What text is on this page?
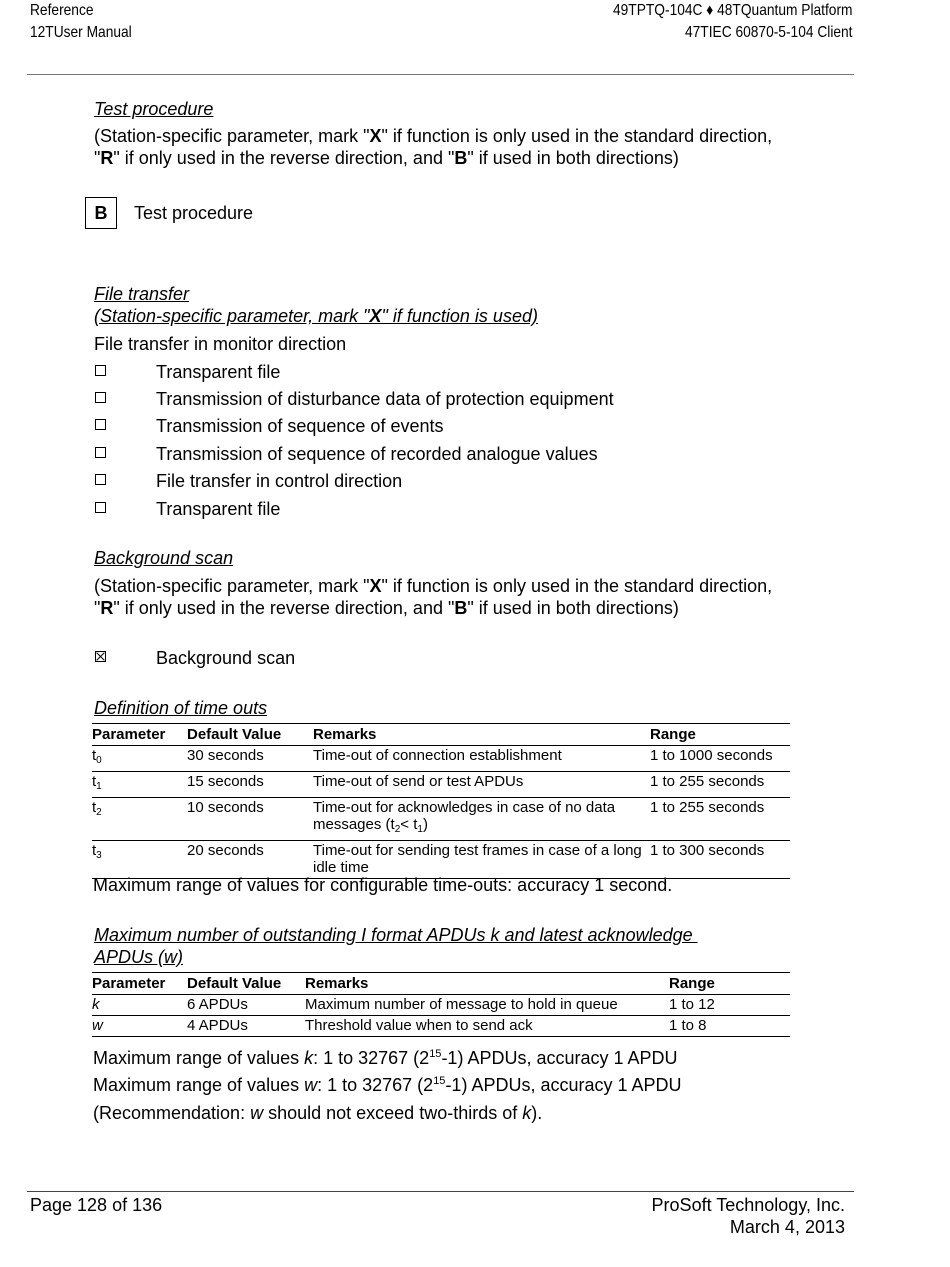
Reference
12TUser Manual
49TPTQ-104C ♦ 48TQuantum Platform
47TIEC 60870-5-104 Client
Test procedure
(Station-specific parameter, mark "X" if function is only used in the standard direction, "R" if only used in the reverse direction, and "B" if used in both directions)
B	Test procedure
File transfer
(Station-specific parameter, mark "X" if function is used)
File transfer in monitor direction
Transparent file
Transmission of disturbance data of protection equipment
Transmission of sequence of events
Transmission of sequence of recorded analogue values
File transfer in control direction
Transparent file
Background scan
(Station-specific parameter, mark "X" if function is only used in the standard direction, "R" if only used in the reverse direction, and "B" if used in both directions)
Background scan
Definition of time outs
Parameter	Default Value	Remarks	Range
$t_0$	30 seconds	Time-out of connection establishment	1 to 1000 seconds
$t_1$	15 seconds	Time-out of send or test APDUs	1 to 255 seconds
$t_2$	10 seconds	Time-out for acknowledges in case of no data messages $(t_2< t_1)$	1 to 255 seconds
$t_3$	20 seconds	Time-out for sending test frames in case of a long idle time	1 to 300 seconds
Maximum range of values for configurable time-outs: accuracy 1 second.
Maximum number of outstanding I format APDUs k and latest acknowledge
APDUs (w)
Parameter	Default Value	Remarks	Range
k	6 APDUs	Maximum number of message to hold in queue	1 to 12
w	4 APDUs	Threshold value when to send ack	1 to 8
Maximum range of values k: 1 to 32767 $(2^{15}-1)$ APDUs, accuracy 1 APDU
Maximum range of values w: 1 to 32767 $(2^{15}-1)$ APDUs, accuracy 1 APDU
(Recommendation: w should not exceed two-thirds of k).
Page 128 of 136	ProSoft Technology, Inc.
March 4, 2013
